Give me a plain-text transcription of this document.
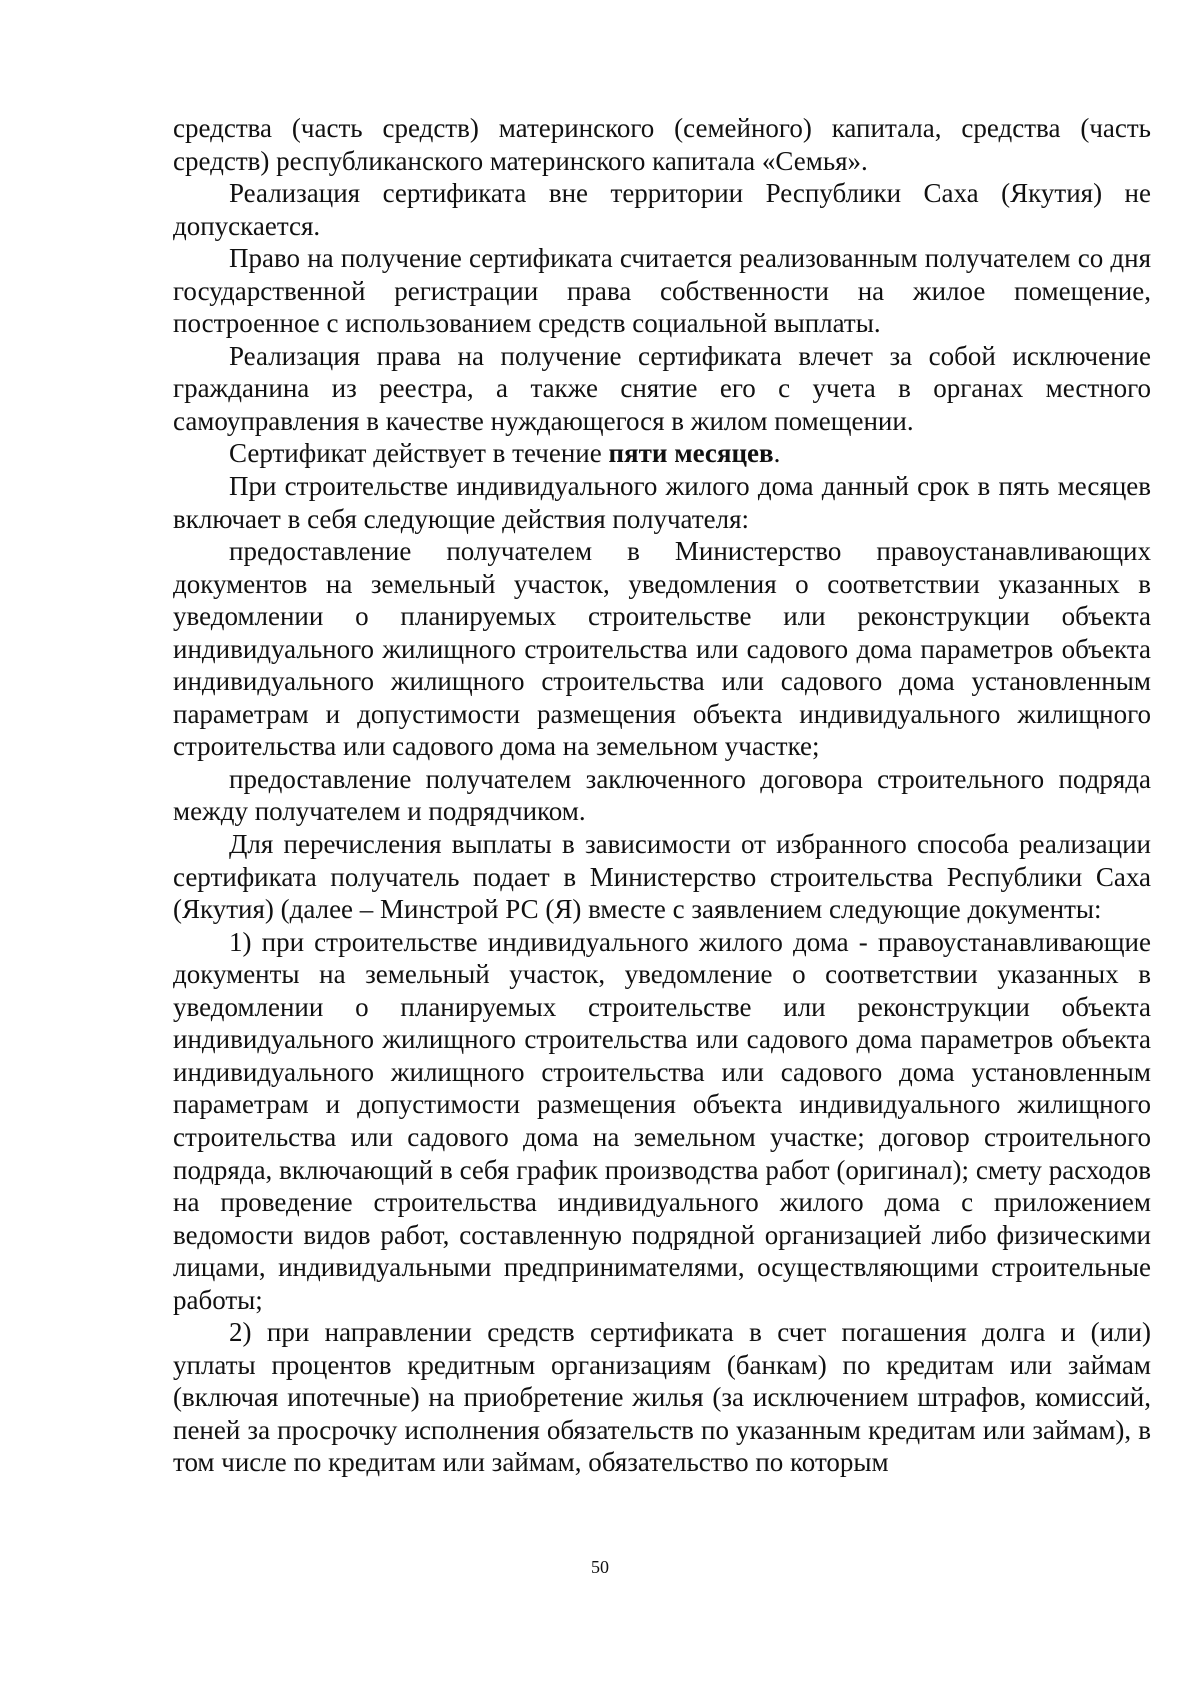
средства (часть средств) материнского (семейного) капитала, средства (часть средств) республиканского материнского капитала «Семья».

Реализация сертификата вне территории Республики Саха (Якутия) не допускается.

Право на получение сертификата считается реализованным получателем со дня государственной регистрации права собственности на жилое помещение, построенное с использованием средств социальной выплаты.

Реализация права на получение сертификата влечет за собой исключение гражданина из реестра, а также снятие его с учета в органах местного самоуправления в качестве нуждающегося в жилом помещении.

Сертификат действует в течение пяти месяцев.

При строительстве индивидуального жилого дома данный срок в пять месяцев включает в себя следующие действия получателя:

предоставление получателем в Министерство правоустанавливающих документов на земельный участок, уведомления о соответствии указанных в уведомлении о планируемых строительстве или реконструкции объекта индивидуального жилищного строительства или садового дома параметров объекта индивидуального жилищного строительства или садового дома установленным параметрам и допустимости размещения объекта индивидуального жилищного строительства или садового дома на земельном участке;

предоставление получателем заключенного договора строительного подряда между получателем и подрядчиком.

Для перечисления выплаты в зависимости от избранного способа реализации сертификата получатель подает в Министерство строительства Республики Саха (Якутия) (далее – Минстрой РС (Я) вместе с заявлением следующие документы:

1) при строительстве индивидуального жилого дома - правоустанавливающие документы на земельный участок, уведомление о соответствии указанных в уведомлении о планируемых строительстве или реконструкции объекта индивидуального жилищного строительства или садового дома параметров объекта индивидуального жилищного строительства или садового дома установленным параметрам и допустимости размещения объекта индивидуального жилищного строительства или садового дома на земельном участке; договор строительного подряда, включающий в себя график производства работ (оригинал); смету расходов на проведение строительства индивидуального жилого дома с приложением ведомости видов работ, составленную подрядной организацией либо физическими лицами, индивидуальными предпринимателями, осуществляющими строительные работы;

2) при направлении средств сертификата в счет погашения долга и (или) уплаты процентов кредитным организациям (банкам) по кредитам или займам (включая ипотечные) на приобретение жилья (за исключением штрафов, комиссий, пеней за просрочку исполнения обязательств по указанным кредитам или займам), в том числе по кредитам или займам, обязательство по которым

50
